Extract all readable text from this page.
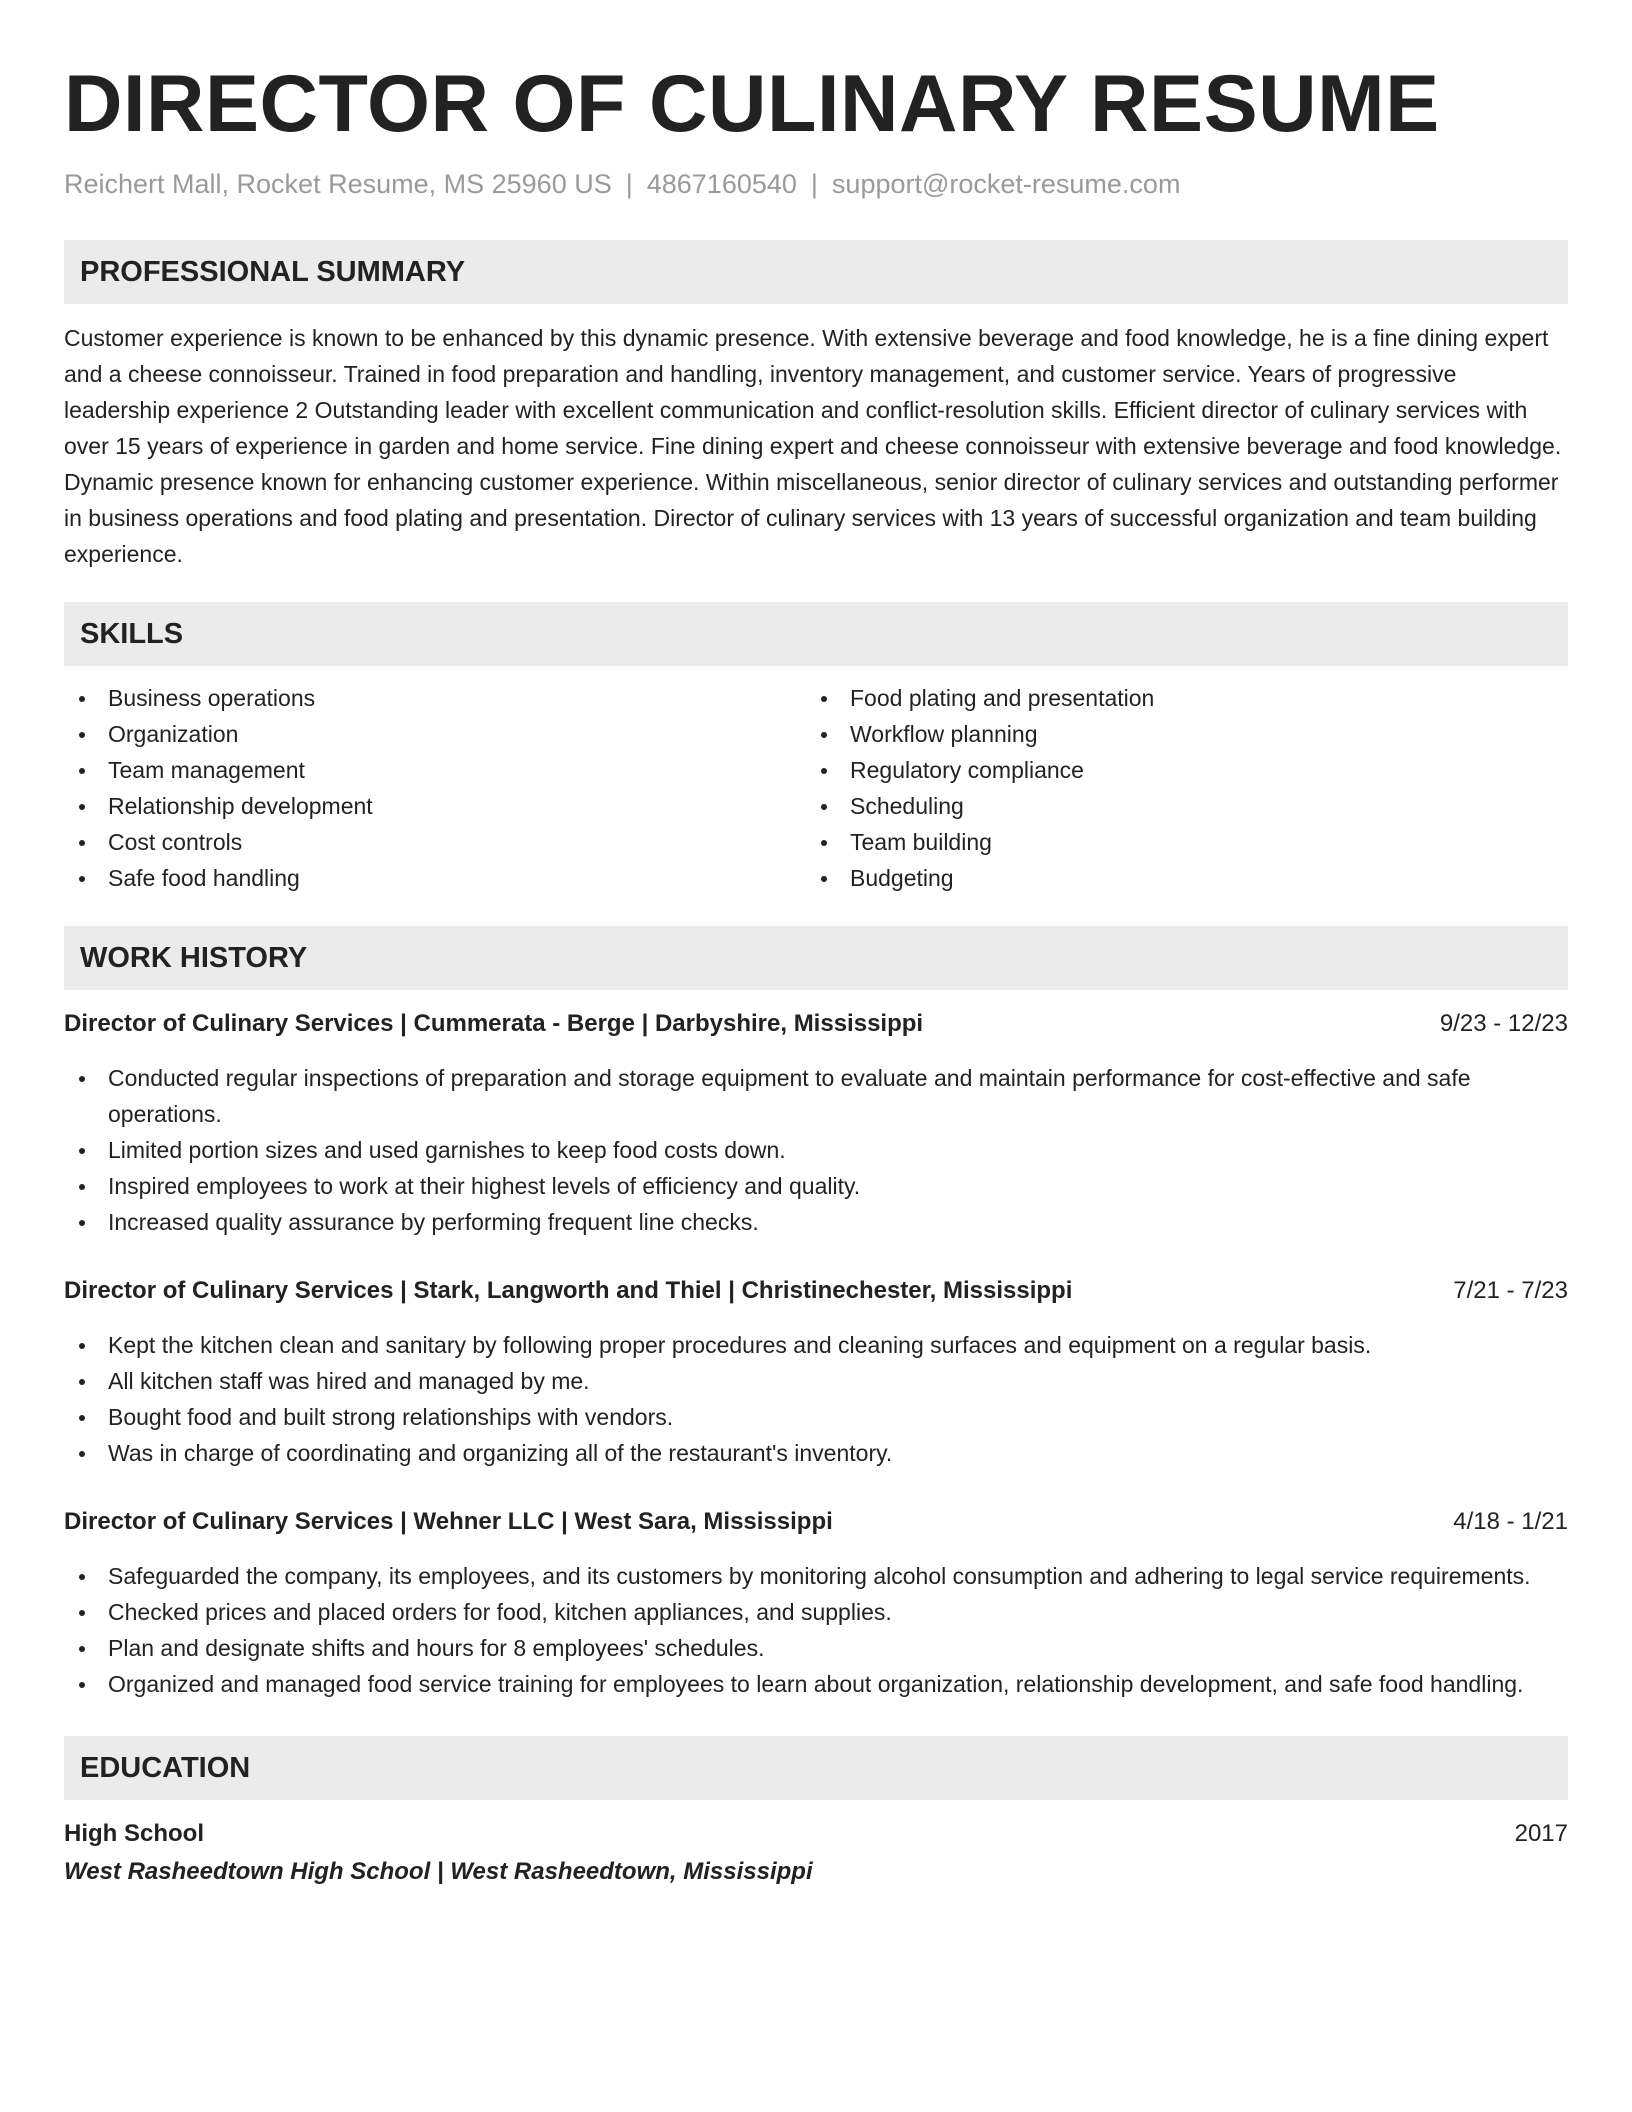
DIRECTOR OF CULINARY RESUME
Reichert Mall, Rocket Resume, MS 25960 US | 4867160540 | support@rocket-resume.com
PROFESSIONAL SUMMARY

Customer experience is known to be enhanced by this dynamic presence. With extensive beverage and food knowledge, he is a fine dining expert and a cheese connoisseur. Trained in food preparation and handling, inventory management, and customer service. Years of progressive leadership experience 2 Outstanding leader with excellent communication and conflict-resolution skills. Efficient director of culinary services with over 15 years of experience in garden and home service. Fine dining expert and cheese connoisseur with extensive beverage and food knowledge. Dynamic presence known for enhancing customer experience. Within miscellaneous, senior director of culinary services and outstanding performer in business operations and food plating and presentation. Director of culinary services with 13 years of successful organization and team building experience.

SKILLS
Business operations
Organization
Team management
Relationship development
Cost controls
Safe food handling
Food plating and presentation
Workflow planning
Regulatory compliance
Scheduling
Team building
Budgeting
WORK HISTORY
Director of Culinary Services | Cummerata - Berge | Darbyshire, Mississippi	9/23 - 12/23
Conducted regular inspections of preparation and storage equipment to evaluate and maintain performance for cost-effective and safe operations.
Limited portion sizes and used garnishes to keep food costs down.
Inspired employees to work at their highest levels of efficiency and quality.
Increased quality assurance by performing frequent line checks.
Director of Culinary Services | Stark, Langworth and Thiel | Christinechester, Mississippi	7/21 - 7/23
Kept the kitchen clean and sanitary by following proper procedures and cleaning surfaces and equipment on a regular basis.
All kitchen staff was hired and managed by me.
Bought food and built strong relationships with vendors.
Was in charge of coordinating and organizing all of the restaurant's inventory.
Director of Culinary Services | Wehner LLC | West Sara, Mississippi	4/18 - 1/21
Safeguarded the company, its employees, and its customers by monitoring alcohol consumption and adhering to legal service requirements.
Checked prices and placed orders for food, kitchen appliances, and supplies.
Plan and designate shifts and hours for 8 employees' schedules.
Organized and managed food service training for employees to learn about organization, relationship development, and safe food handling.
EDUCATION
High School	2017
West Rasheedtown High School | West Rasheedtown, Mississippi
